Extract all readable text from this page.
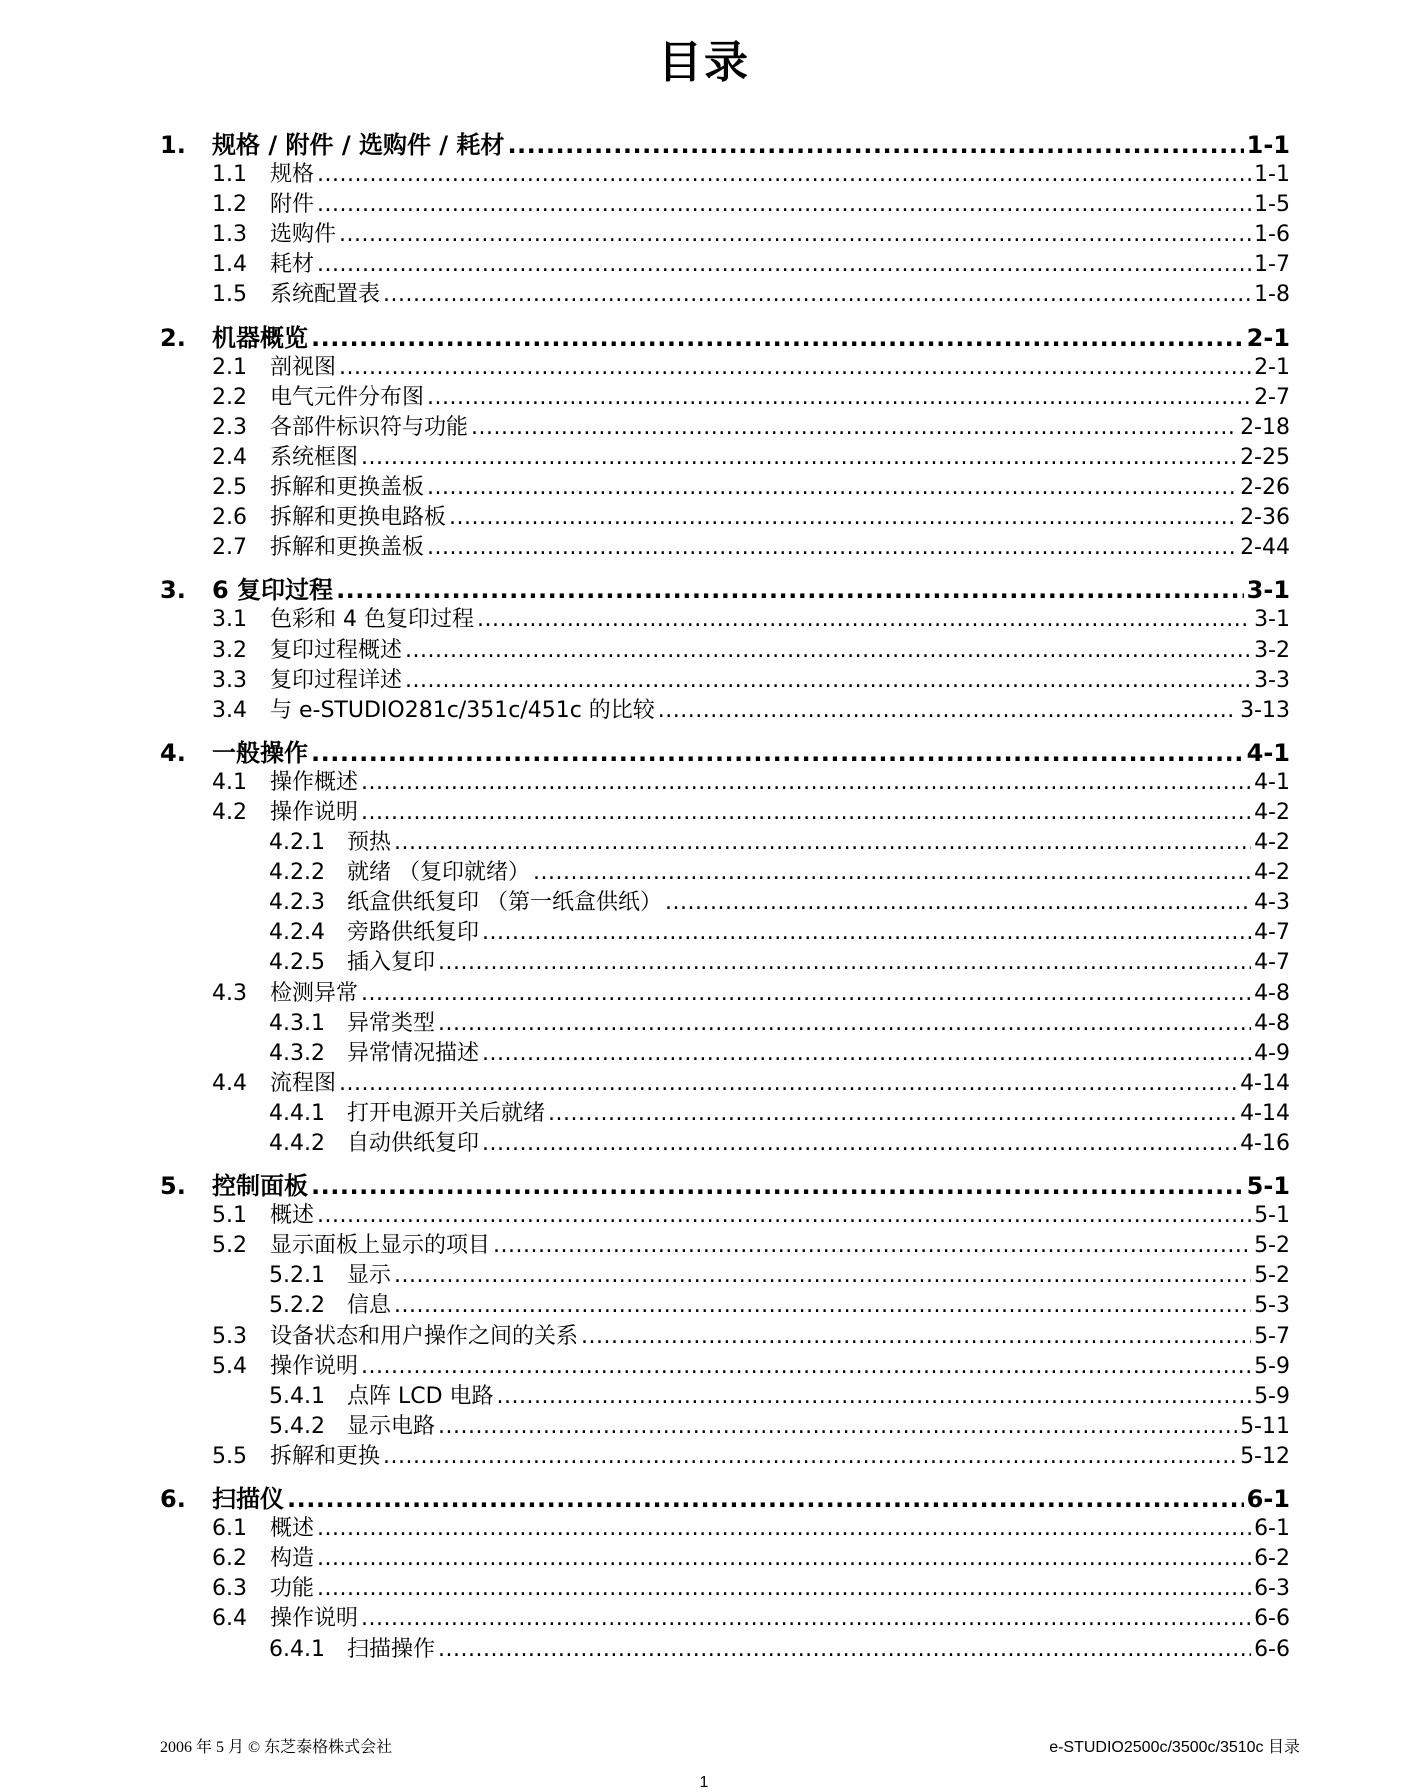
目录
1.	规格 / 附件 / 选购件 / 耗材 .....	1-1
1.1	规格 .....	1-1
1.2	附件 .....	1-5
1.3	选购件 .....	1-6
1.4	耗材 .....	1-7
1.5	系统配置表 .....	1-8
2.	机器概览 .....	2-1
2.1	剖视图 .....	2-1
2.2	电气元件分布图 .....	2-7
2.3	各部件标识符与功能 .....	2-18
2.4	系统框图 .....	2-25
2.5	拆解和更换盖板 .....	2-26
2.6	拆解和更换电路板 .....	2-36
2.7	拆解和更换盖板 .....	2-44
3.	6 复印过程 .....	3-1
3.1	色彩和 4 色复印过程 .....	3-1
3.2	复印过程概述 .....	3-2
3.3	复印过程详述 .....	3-3
3.4	与 e-STUDIO281c/351c/451c 的比较 .....	3-13
4.	一般操作 .....	4-1
4.1	操作概述 .....	4-1
4.2	操作说明 .....	4-2
4.2.1	预热 .....	4-2
4.2.2	就绪 （复印就绪） .....	4-2
4.2.3	纸盒供纸复印 （第一纸盒供纸） .....	4-3
4.2.4	旁路供纸复印 .....	4-7
4.2.5	插入复印 .....	4-7
4.3	检测异常 .....	4-8
4.3.1	异常类型 .....	4-8
4.3.2	异常情况描述 .....	4-9
4.4	流程图 .....	4-14
4.4.1	打开电源开关后就绪 .....	4-14
4.4.2	自动供纸复印 .....	4-16
5.	控制面板 .....	5-1
5.1	概述 .....	5-1
5.2	显示面板上显示的项目 .....	5-2
5.2.1	显示 .....	5-2
5.2.2	信息 .....	5-3
5.3	设备状态和用户操作之间的关系 .....	5-7
5.4	操作说明 .....	5-9
5.4.1	点阵 LCD 电路 .....	5-9
5.4.2	显示电路 .....	5-11
5.5	拆解和更换 .....	5-12
6.	扫描仪 .....	6-1
6.1	概述 .....	6-1
6.2	构造 .....	6-2
6.3	功能 .....	6-3
6.4	操作说明 .....	6-6
6.4.1	扫描操作 .....	6-6
2006 年 5 月 © 东芝泰格株式会社	e-STUDIO2500c/3500c/3510c 目录
1
